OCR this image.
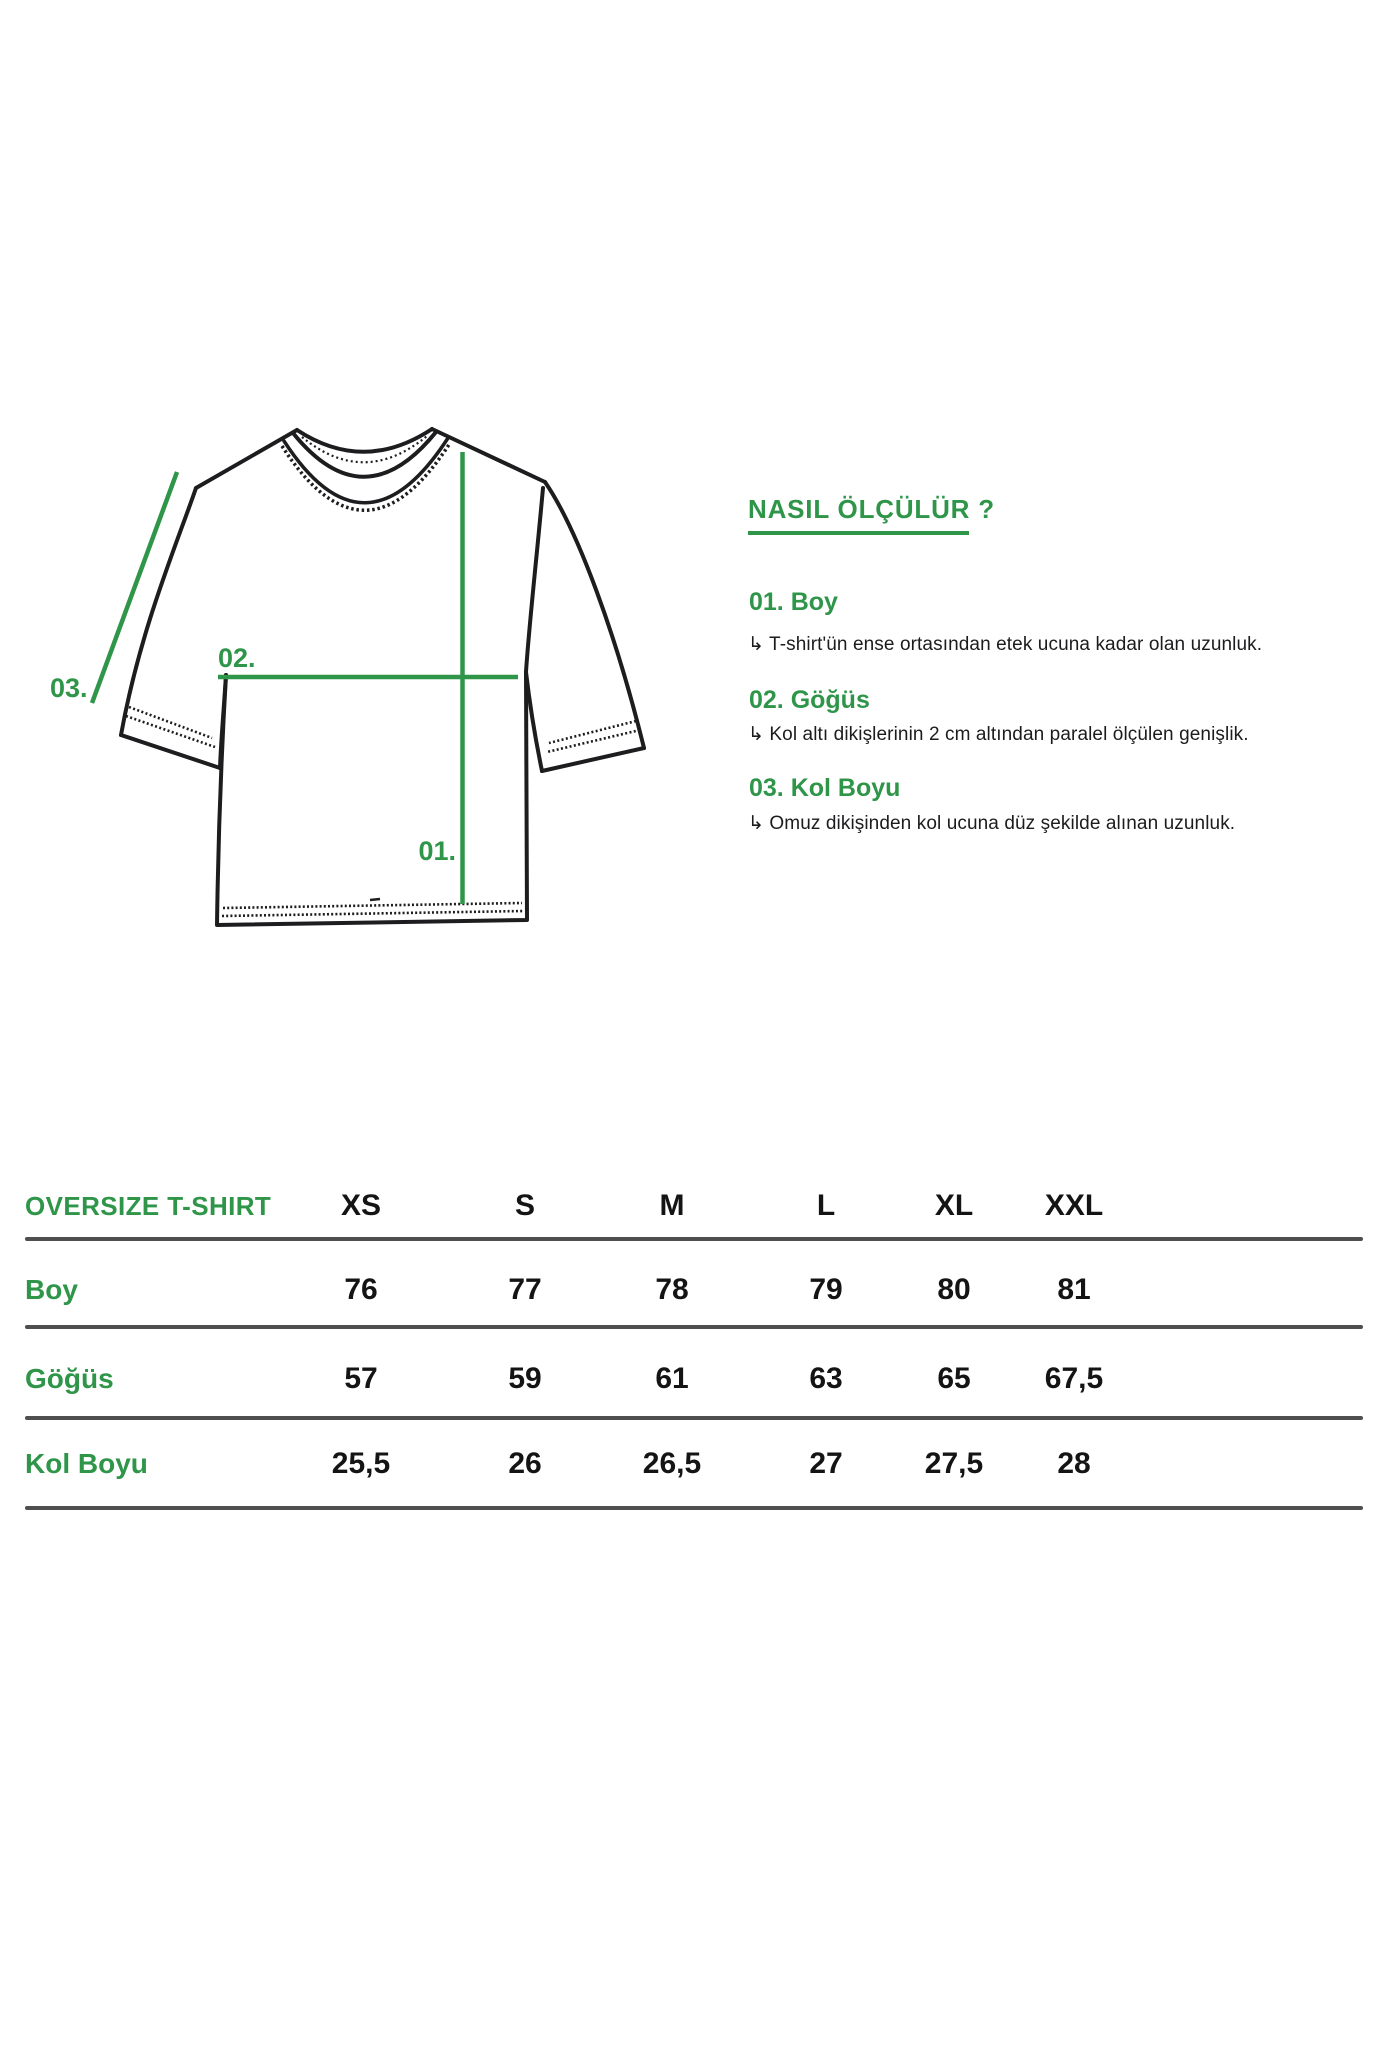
01.
02.
03.
NASIL ÖLÇÜLÜR ?
01. Boy
↳ T-shirt'ün ense ortasından etek ucuna kadar olan uzunluk.
02. Göğüs
↳ Kol altı dikişlerinin 2 cm altından paralel ölçülen genişlik.
03. Kol Boyu
↳ Omuz dikişinden kol ucuna düz şekilde alınan uzunluk.
OVERSIZE T-SHIRT	XS	S	M	L	XL	XXL
Boy	76	77	78	79	80	81
Göğüs	57	59	61	63	65	67,5
Kol Boyu	25,5	26	26,5	27	27,5	28
